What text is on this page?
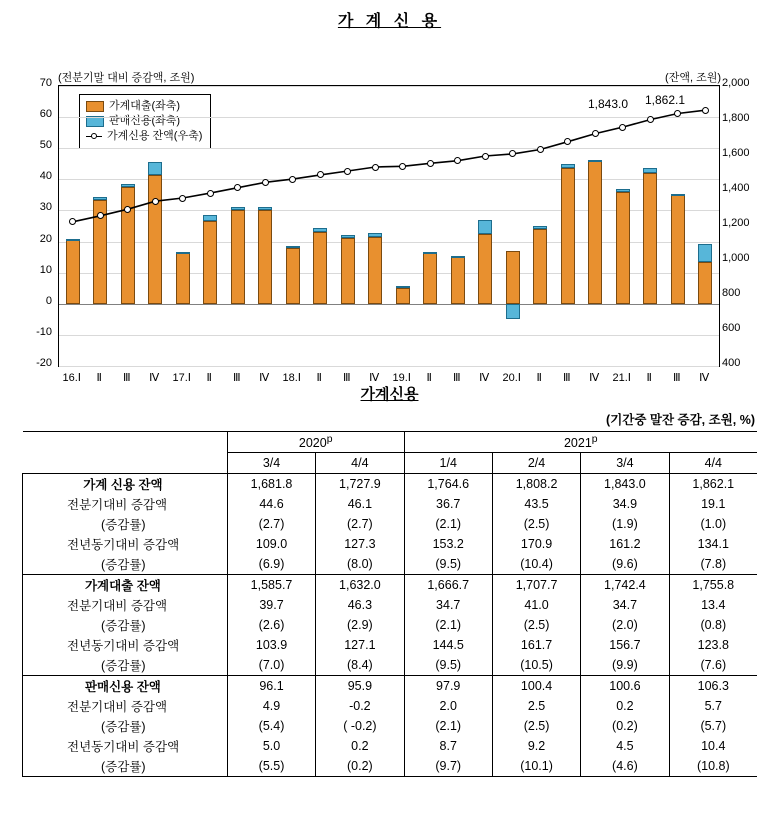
가 계 신 용
(전분기말 대비 증감액, 조원)	(잔액, 조원)
가계대출(좌축)
판매신용(좌축)
가계신용 잔액(우축)
-20
-10
0
10
20
30
40
50
60
70
400
600
800
1,000
1,200
1,400
1,600
1,800
2,000
16.Ⅰ Ⅱ Ⅲ Ⅳ 17.Ⅰ Ⅱ Ⅲ Ⅳ 18.Ⅰ Ⅱ Ⅲ Ⅳ 19.Ⅰ Ⅱ Ⅲ Ⅳ 20.Ⅰ Ⅱ Ⅲ Ⅳ 21.Ⅰ Ⅱ Ⅲ Ⅳ
1,843.0 1,862.1
가계신용
(기간중 말잔 증감, 조원, %)
	2020$^p$		2021$^p$
	3/4	4/4	1/4	2/4	3/4	4/4
가계 신용 잔액	1,681.8	1,727.9	1,764.6	1,808.2	1,843.0	1,862.1
전분기대비 증감액	44.6	46.1	36.7	43.5	34.9	19.1
(증감률)	(2.7)	(2.7)	(2.1)	(2.5)	(1.9)	(1.0)
전년동기대비 증감액	109.0	127.3	153.2	170.9	161.2	134.1
(증감률)	(6.9)	(8.0)	(9.5)	(10.4)	(9.6)	(7.8)
가계대출 잔액	1,585.7	1,632.0	1,666.7	1,707.7	1,742.4	1,755.8
전분기대비 증감액	39.7	46.3	34.7	41.0	34.7	13.4
(증감률)	(2.6)	(2.9)	(2.1)	(2.5)	(2.0)	(0.8)
전년동기대비 증감액	103.9	127.1	144.5	161.7	156.7	123.8
(증감률)	(7.0)	(8.4)	(9.5)	(10.5)	(9.9)	(7.6)
판매신용 잔액	96.1	95.9	97.9	100.4	100.6	106.3
전분기대비 증감액	4.9	-0.2	2.0	2.5	0.2	5.7
(증감률)	(5.4)	( -0.2)	(2.1)	(2.5)	(0.2)	(5.7)
전년동기대비 증감액	5.0	0.2	8.7	9.2	4.5	10.4
(증감률)	(5.5)	(0.2)	(9.7)	(10.1)	(4.6)	(10.8)
